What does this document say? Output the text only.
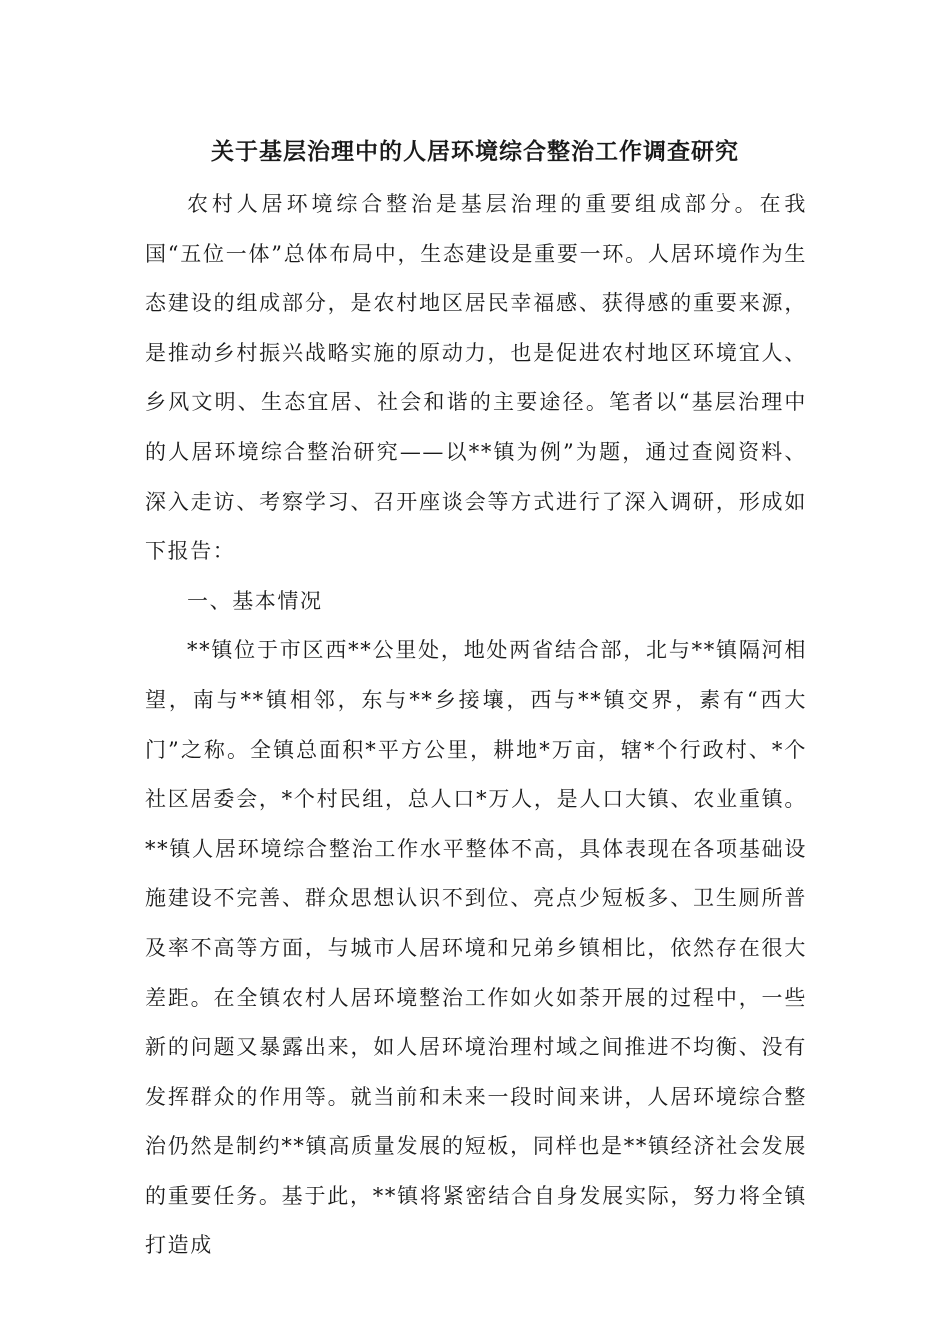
关于基层治理中的人居环境综合整治工作调查研究

农村人居环境综合整治是基层治理的重要组成部分。在我国“五位一体”总体布局中，生态建设是重要一环。人居环境作为生态建设的组成部分，是农村地区居民幸福感、获得感的重要来源，是推动乡村振兴战略实施的原动力，也是促进农村地区环境宜人、乡风文明、生态宜居、社会和谐的主要途径。笔者以“基层治理中的人居环境综合整治研究——以**镇为例”为题，通过查阅资料、深入走访、考察学习、召开座谈会等方式进行了深入调研，形成如下报告：

一、基本情况

**镇位于市区西**公里处，地处两省结合部，北与**镇隔河相望，南与**镇相邻，东与**乡接壤，西与**镇交界，素有“西大门”之称。全镇总面积*平方公里，耕地*万亩，辖*个行政村、*个社区居委会，*个村民组，总人口*万人，是人口大镇、农业重镇。**镇人居环境综合整治工作水平整体不高，具体表现在各项基础设施建设不完善、群众思想认识不到位、亮点少短板多、卫生厕所普及率不高等方面，与城市人居环境和兄弟乡镇相比，依然存在很大差距。在全镇农村人居环境整治工作如火如荼开展的过程中，一些新的问题又暴露出来，如人居环境治理村域之间推进不均衡、没有发挥群众的作用等。就当前和未来一段时间来讲，人居环境综合整治仍然是制约**镇高质量发展的短板，同样也是**镇经济社会发展的重要任务。基于此，**镇将紧密结合自身发展实际，努力将全镇打造成
